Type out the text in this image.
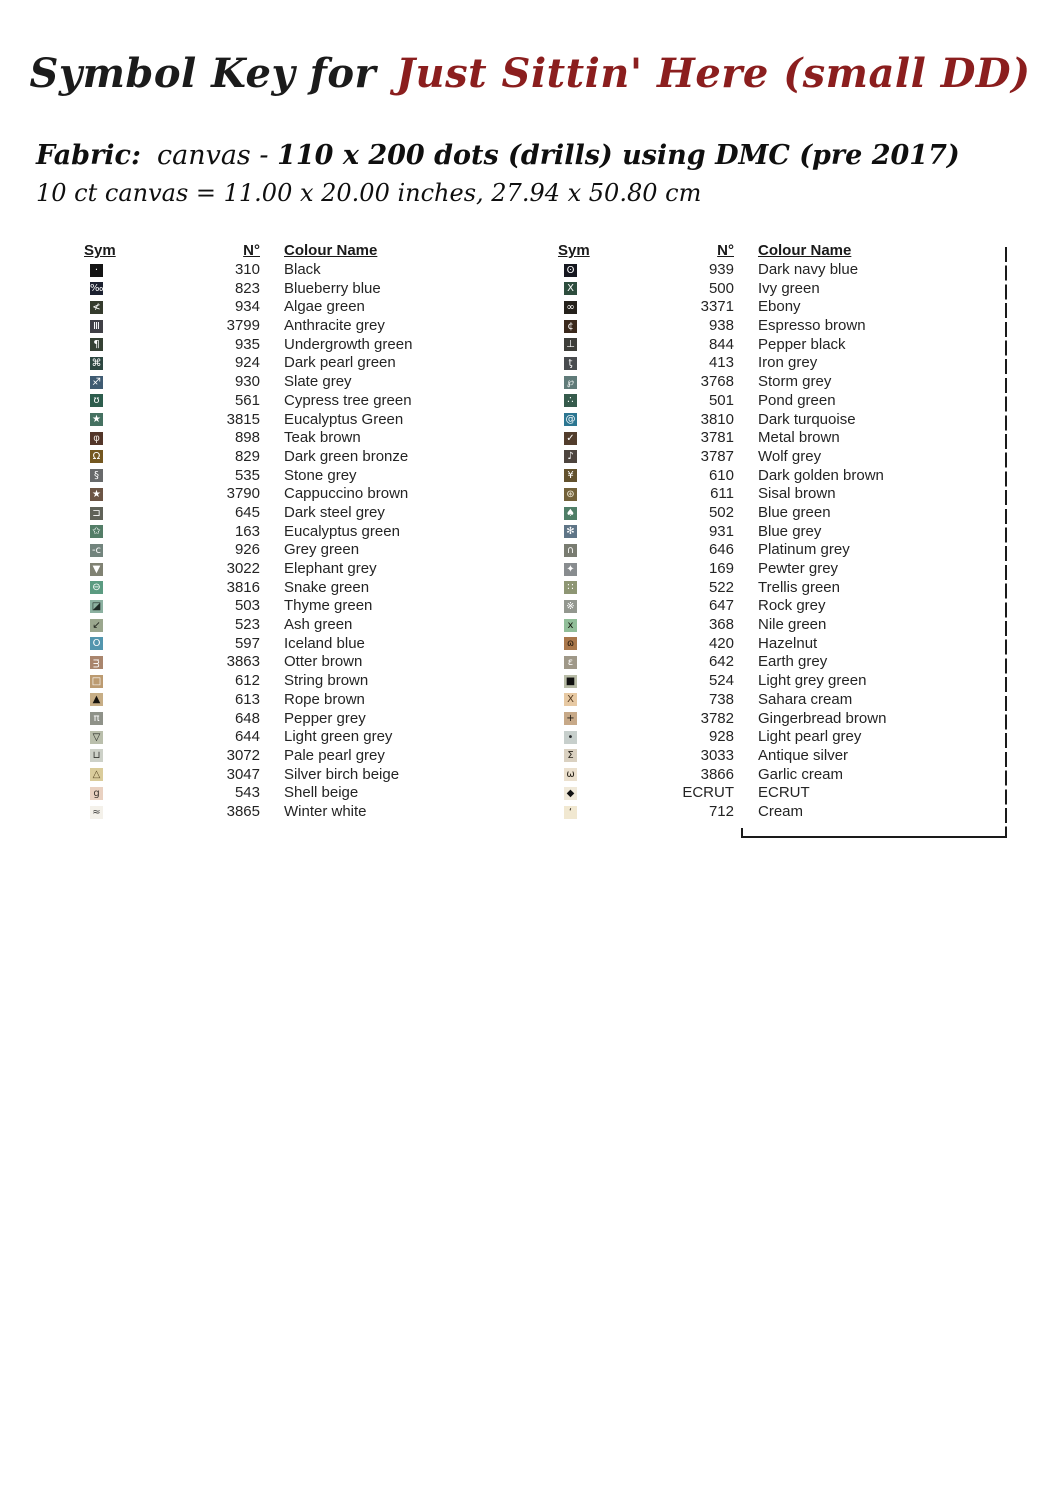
Symbol Key for Just Sittin' Here (small DD)

Fabric: canvas - 110 x 200 dots (drills) using DMC (pre 2017)

10 ct canvas = 11.00 x 20.00 inches, 27.94 x 50.80 cm

Sym	N°	Colour Name
·	310	Black
‰	823	Blueberry blue
≮	934	Algae green
Ⅲ	3799	Anthracite grey
¶	935	Undergrowth green
⌘	924	Dark pearl green
♐	930	Slate grey
ʊ	561	Cypress tree green
★	3815	Eucalyptus Green
φ	898	Teak brown
Ω	829	Dark green bronze
§	535	Stone grey
★	3790	Cappuccino brown
⊐	645	Dark steel grey
✩	163	Eucalyptus green
-c	926	Grey green
▼	3022	Elephant grey
⊖	3816	Snake green
◪	503	Thyme green
↙	523	Ash green
O	597	Iceland blue
ᴟ	3863	Otter brown
□	612	String brown
▲	613	Rope brown
π	648	Pepper grey
▽	644	Light green grey
⊔	3072	Pale pearl grey
△	3047	Silver birch beige
g	543	Shell beige
≈	3865	Winter white
Sym	N°	Colour Name
ʘ	939	Dark navy blue
X	500	Ivy green
∞	3371	Ebony
¢	938	Espresso brown
⊥	844	Pepper black
ƫ	413	Iron grey
℘	3768	Storm grey
∴	501	Pond green
@	3810	Dark turquoise
✓	3781	Metal brown
♪	3787	Wolf grey
¥	610	Dark golden brown
⊛	611	Sisal brown
♠	502	Blue green
✻	931	Blue grey
∩	646	Platinum grey
✦	169	Pewter grey
∷	522	Trellis green
※	647	Rock grey
x	368	Nile green
ɷ	420	Hazelnut
ε	642	Earth grey
■	524	Light grey green
X	738	Sahara cream
+	3782	Gingerbread brown
•	928	Light pearl grey
Σ	3033	Antique silver
ω	3866	Garlic cream
◆	ECRUT	ECRUT
‘	712	Cream
